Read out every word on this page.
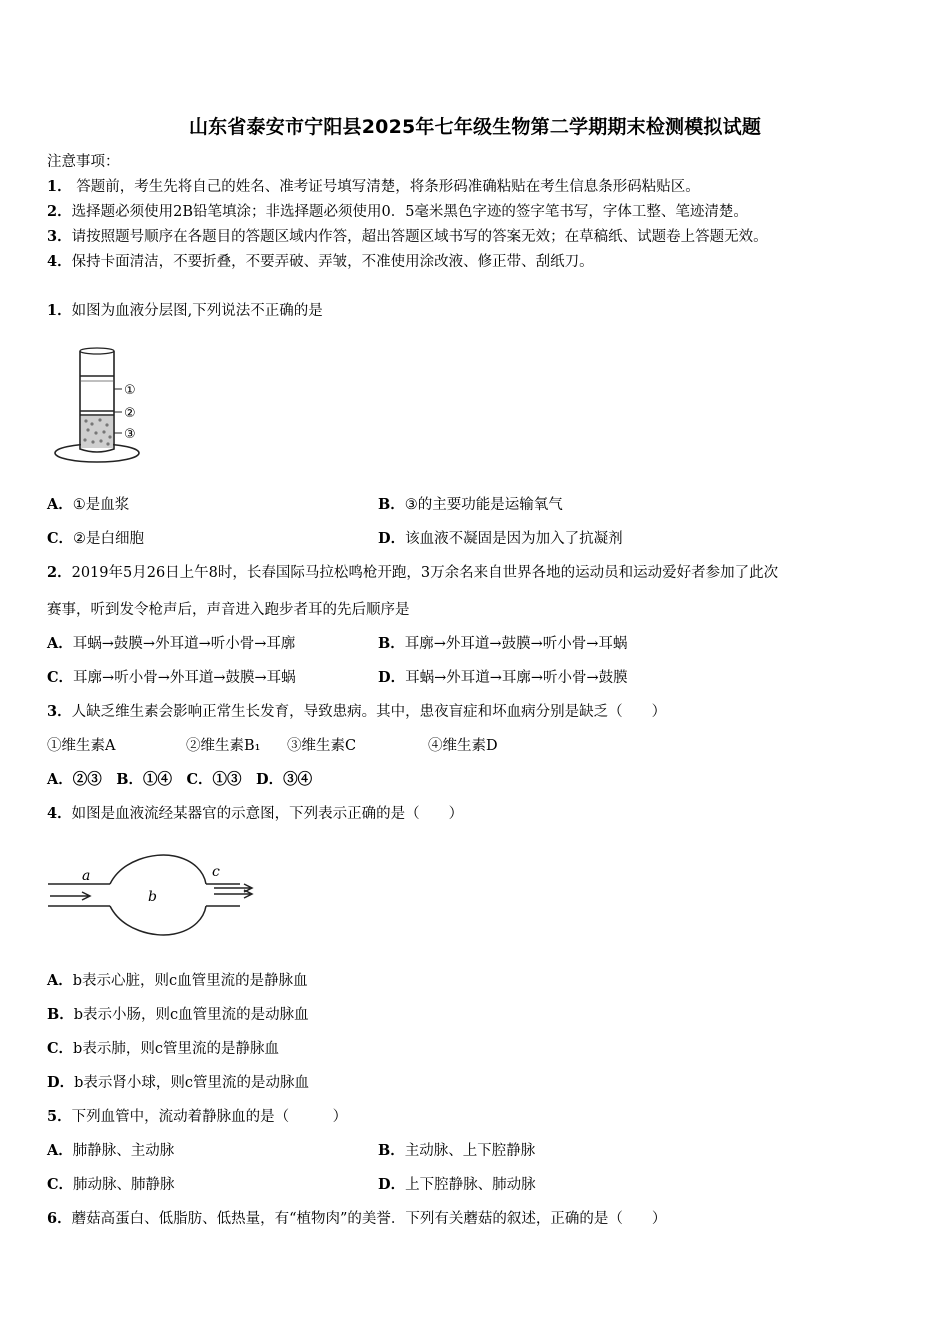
山东省泰安市宁阳县2025年七年级生物第二学期期末检测模拟试题
注意事项：
1． 答题前，考生先将自己的姓名、准考证号填写清楚，将条形码准确粘贴在考生信息条形码粘贴区。
2．选择题必须使用2B铅笔填涂；非选择题必须使用0．5毫米黑色字迹的签字笔书写，字体工整、笔迹清楚。
3．请按照题号顺序在各题目的答题区域内作答，超出答题区域书写的答案无效；在草稿纸、试题卷上答题无效。
4．保持卡面清洁，不要折叠，不要弄破、弄皱，不准使用涂改液、修正带、刮纸刀。
1．如图为血液分层图,下列说法不正确的是
①
②
③
A．①是血浆	B．③的主要功能是运输氧气
C．②是白细胞	D．该血液不凝固是因为加入了抗凝剂
2．2019年5月26日上午8时，长春国际马拉松鸣枪开跑，3万余名来自世界各地的运动员和运动爱好者参加了此次
赛事，听到发令枪声后，声音进入跑步者耳的先后顺序是
A．耳蜗→鼓膜→外耳道→听小骨→耳廓	B．耳廓→外耳道→鼓膜→听小骨→耳蜗
C．耳廓→听小骨→外耳道→鼓膜→耳蜗	D．耳蜗→外耳道→耳廓→听小骨→鼓膜
3．人缺乏维生素会影响正常生长发育，导致患病。其中，患夜盲症和坏血病分别是缺乏（　　）
①维生素A	②维生素B₁ ③维生素C	④维生素D
A．②③　B．①④　C．①③　D．③④
4．如图是血液流经某器官的示意图，下列表示正确的是（　　）
a
b
c
A．b表示心脏，则c血管里流的是静脉血
B．b表示小肠，则c血管里流的是动脉血
C．b表示肺，则c管里流的是静脉血
D．b表示肾小球，则c管里流的是动脉血
5．下列血管中，流动着静脉血的是（　　　）
A．肺静脉、主动脉	B．主动脉、上下腔静脉
C．肺动脉、肺静脉	D．上下腔静脉、肺动脉
6．蘑菇高蛋白、低脂肪、低热量，有“植物肉”的美誉．下列有关蘑菇的叙述，正确的是（　　）
